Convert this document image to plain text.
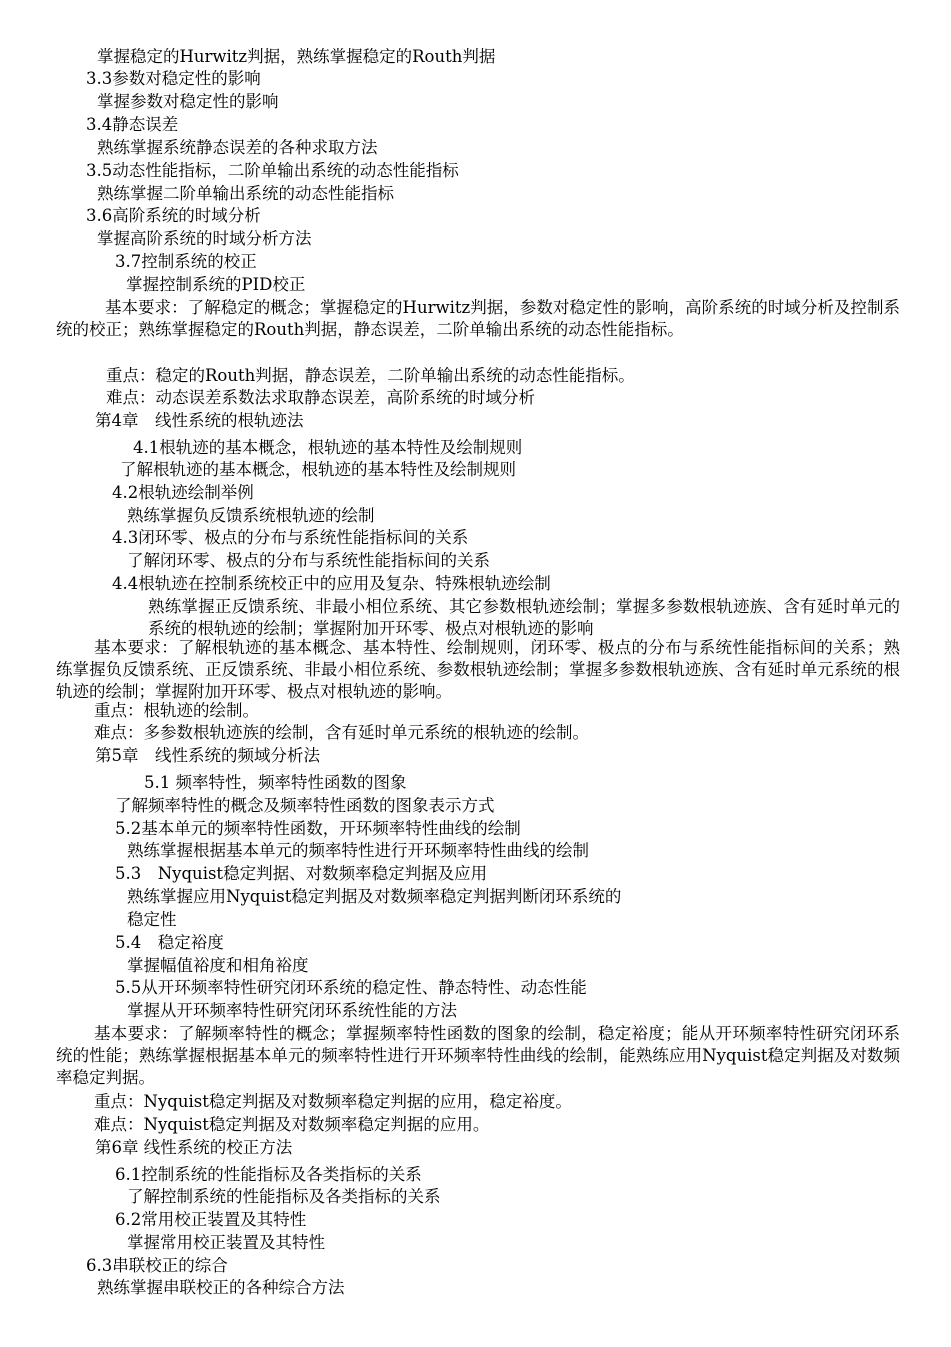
掌握稳定的Hurwitz判据，熟练掌握稳定的Routh判据
3.3参数对稳定性的影响
掌握参数对稳定性的影响
3.4静态误差
熟练掌握系统静态误差的各种求取方法
3.5动态性能指标，二阶单输出系统的动态性能指标
熟练掌握二阶单输出系统的动态性能指标
3.6高阶系统的时域分析
掌握高阶系统的时域分析方法
3.7控制系统的校正
掌握控制系统的PID校正
基本要求：了解稳定的概念；掌握稳定的Hurwitz判据，参数对稳定性的影响，高阶系统的时域分析及控制系统的校正；熟练掌握稳定的Routh判据，静态误差，二阶单输出系统的动态性能指标。
重点：稳定的Routh判据，静态误差，二阶单输出系统的动态性能指标。
难点：动态误差系数法求取静态误差，高阶系统的时域分析
第4章　线性系统的根轨迹法
4.1根轨迹的基本概念，根轨迹的基本特性及绘制规则
了解根轨迹的基本概念，根轨迹的基本特性及绘制规则
4.2根轨迹绘制举例
熟练掌握负反馈系统根轨迹的绘制
4.3闭环零、极点的分布与系统性能指标间的关系
了解闭环零、极点的分布与系统性能指标间的关系
4.4根轨迹在控制系统校正中的应用及复杂、特殊根轨迹绘制
熟练掌握正反馈系统、非最小相位系统、其它参数根轨迹绘制；掌握多参数根轨迹族、含有延时单元的系统的根轨迹的绘制；掌握附加开环零、极点对根轨迹的影响
基本要求：了解根轨迹的基本概念、基本特性、绘制规则，闭环零、极点的分布与系统性能指标间的关系；熟练掌握负反馈系统、正反馈系统、非最小相位系统、参数根轨迹绘制；掌握多参数根轨迹族、含有延时单元系统的根轨迹的绘制；掌握附加开环零、极点对根轨迹的影响。
重点：根轨迹的绘制。
难点：多参数根轨迹族的绘制，含有延时单元系统的根轨迹的绘制。
第5章　线性系统的频域分析法
5.1 频率特性，频率特性函数的图象
了解频率特性的概念及频率特性函数的图象表示方式
5.2基本单元的频率特性函数，开环频率特性曲线的绘制
熟练掌握根据基本单元的频率特性进行开环频率特性曲线的绘制
5.3　Nyquist稳定判据、对数频率稳定判据及应用
熟练掌握应用Nyquist稳定判据及对数频率稳定判据判断闭环系统的
稳定性
5.4　稳定裕度
掌握幅值裕度和相角裕度
5.5从开环频率特性研究闭环系统的稳定性、静态特性、动态性能
掌握从开环频率特性研究闭环系统性能的方法
基本要求：了解频率特性的概念；掌握频率特性函数的图象的绘制，稳定裕度；能从开环频率特性研究闭环系统的性能；熟练掌握根据基本单元的频率特性进行开环频率特性曲线的绘制，能熟练应用Nyquist稳定判据及对数频率稳定判据。
重点：Nyquist稳定判据及对数频率稳定判据的应用，稳定裕度。
难点：Nyquist稳定判据及对数频率稳定判据的应用。
第6章 线性系统的校正方法
6.1控制系统的性能指标及各类指标的关系
了解控制系统的性能指标及各类指标的关系
6.2常用校正装置及其特性
掌握常用校正装置及其特性
6.3串联校正的综合
熟练掌握串联校正的各种综合方法
